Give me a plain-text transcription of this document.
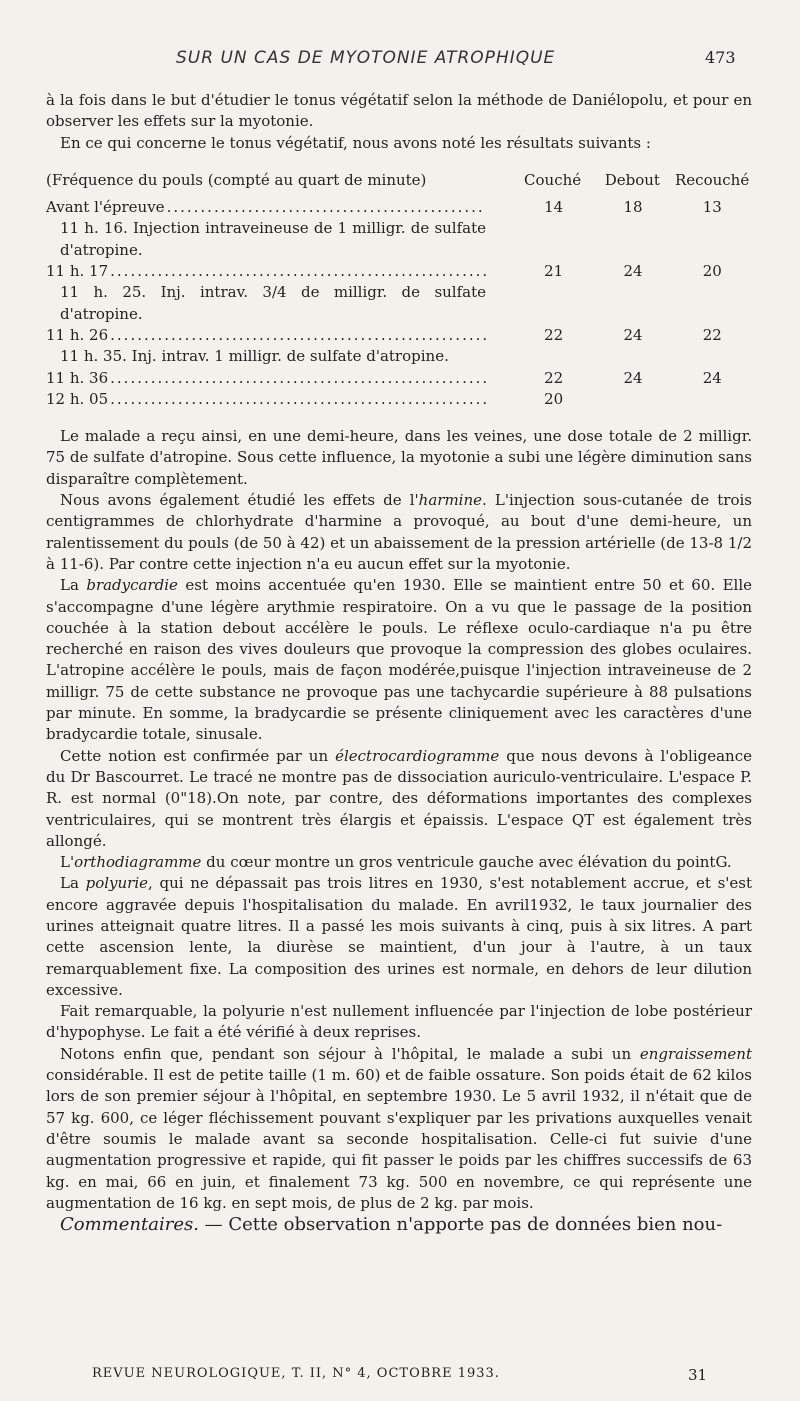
SUR UN CAS DE MYOTONIE ATROPHIQUE	473

à la fois dans le but d'étudier le tonus végétatif selon la méthode de Daniélopolu, et pour en observer les effets sur la myotonie.

En ce qui concerne le tonus végétatif, nous avons noté les résultats suivants :

(Fréquence du pouls (compté au quart de minute)	Couché	Debout	Recouché
Avant l'épreuve .....	14	18	13
11 h. 16. Injection intraveineuse de 1 milligr. de sulfate d'atropine.
11 h. 17 .....	21	24	20
11 h. 25. Inj. intrav. 3/4 de milligr. de sulfate d'atropine.
11 h. 26 .....	22	24	22
11 h. 35. Inj. intrav. 1 milligr. de sulfate d'atropine.
11 h. 36 .....	22	24	24
12 h. 05 .....	20

Le malade a reçu ainsi, en une demi-heure, dans les veines, une dose totale de 2 milligr. 75 de sulfate d'atropine. Sous cette influence, la myotonie a subi une légère diminution sans disparaître complètement.

Nous avons également étudié les effets de l'harmine. L'injection sous-cutanée de trois centigrammes de chlorhydrate d'harmine a provoqué, au bout d'une demi-heure, un ralentissement du pouls (de 50 à 42) et un abaissement de la pression artérielle (de 13-8 1/2 à 11-6). Par contre cette injection n'a eu aucun effet sur la myotonie.

La bradycardie est moins accentuée qu'en 1930. Elle se maintient entre 50 et 60. Elle s'accompagne d'une légère arythmie respiratoire. On a vu que le passage de la position couchée à la station debout accélère le pouls. Le réflexe oculo-cardiaque n'a pu être recherché en raison des vives douleurs que provoque la compression des globes oculaires. L'atropine accélère le pouls, mais de façon modérée,puisque l'injection intraveineuse de 2 milligr. 75 de cette substance ne provoque pas une tachycardie supérieure à 88 pulsations par minute. En somme, la bradycardie se présente cliniquement avec les caractères d'une bradycardie totale, sinusale.

Cette notion est confirmée par un électrocardiogramme que nous devons à l'obligeance du Dr Bascourret. Le tracé ne montre pas de dissociation auriculo-ventriculaire. L'espace P. R. est normal (0"18).On note, par contre, des déformations importantes des complexes ventriculaires, qui se montrent très élargis et épaissis. L'espace QT est également très allongé.

L'orthodiagramme du cœur montre un gros ventricule gauche avec élévation du pointG.

La polyurie, qui ne dépassait pas trois litres en 1930, s'est notablement accrue, et s'est encore aggravée depuis l'hospitalisation du malade. En avril1932, le taux journalier des urines atteignait quatre litres. Il a passé les mois suivants à cinq, puis à six litres. A part cette ascension lente, la diurèse se maintient, d'un jour à l'autre, à un taux remarquablement fixe. La composition des urines est normale, en dehors de leur dilution excessive.

Fait remarquable, la polyurie n'est nullement influencée par l'injection de lobe postérieur d'hypophyse. Le fait a été vérifié à deux reprises.

Notons enfin que, pendant son séjour à l'hôpital, le malade a subi un engraissement considérable. Il est de petite taille (1 m. 60) et de faible ossature. Son poids était de 62 kilos lors de son premier séjour à l'hôpital, en septembre 1930. Le 5 avril 1932, il n'était que de 57 kg. 600, ce léger fléchissement pouvant s'expliquer par les privations auxquelles venait d'être soumis le malade avant sa seconde hospitalisation. Celle-ci fut suivie d'une augmentation progressive et rapide, qui fit passer le poids par les chiffres successifs de 63 kg. en mai, 66 en juin, et finalement 73 kg. 500 en novembre, ce qui représente une augmentation de 16 kg. en sept mois, de plus de 2 kg. par mois.

Commentaires. — Cette observation n'apporte pas de données bien nou-

REVUE NEUROLOGIQUE, T. II, N° 4, OCTOBRE 1933.	31
